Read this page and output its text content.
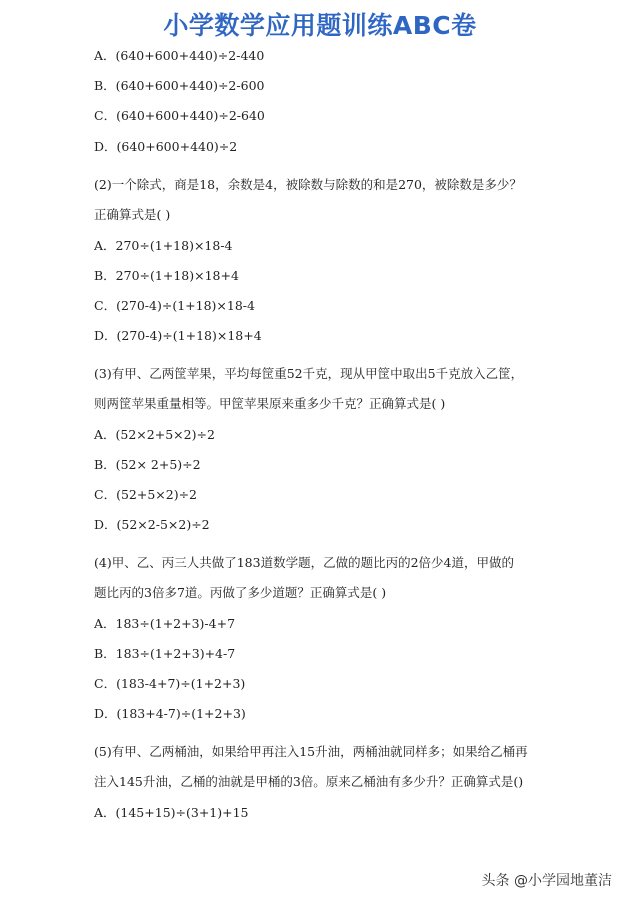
小学数学应用题训练ABC卷
A．(640+600+440)÷2-440
B．(640+600+440)÷2-600
C．(640+600+440)÷2-640
D．(640+600+440)÷2
(2)一个除式，商是18，余数是4，被除数与除数的和是270，被除数是多少？
正确算式是( )
A．270÷(1+18)×18-4
B．270÷(1+18)×18+4
C．(270-4)÷(1+18)×18-4
D．(270-4)÷(1+18)×18+4
(3)有甲、乙两筐苹果，平均每筐重52千克，现从甲筐中取出5千克放入乙筐，
则两筐苹果重量相等。甲筐苹果原来重多少千克？正确算式是( )
A．(52×2+5×2)÷2
B．(52× 2+5)÷2
C．(52+5×2)÷2
D．(52×2-5×2)÷2
(4)甲、乙、丙三人共做了183道数学题，乙做的题比丙的2倍少4道，甲做的
题比丙的3倍多7道。丙做了多少道题？正确算式是( )
A．183÷(1+2+3)-4+7
B．183÷(1+2+3)+4-7
C．(183-4+7)÷(1+2+3)
D．(183+4-7)÷(1+2+3)
(5)有甲、乙两桶油，如果给甲再注入15升油，两桶油就同样多；如果给乙桶再
注入145升油，乙桶的油就是甲桶的3倍。原来乙桶油有多少升？正确算式是()
A．(145+15)÷(3+1)+15
头条 @小学园地董洁
